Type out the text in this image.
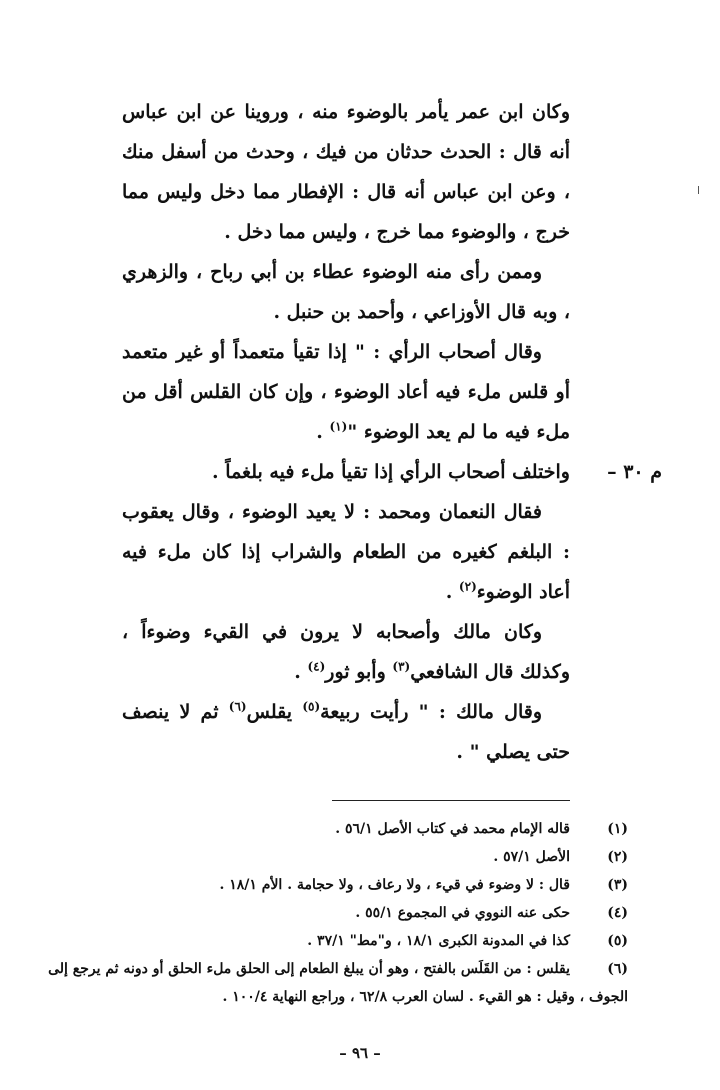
وكان ابن عمر يأمر بالوضوء منه ، وروينا عن ابن عباس أنه قال : الحدث حدثان من فيك ، وحدث من أسفل منك ، وعن ابن عباس أنه قال : الإفطار مما دخل وليس مما خرج ، والوضوء مما خرج ، وليس مما دخل .

وممن رأى منه الوضوء عطاء بن أبي رباح ، والزهري ، وبه قال الأوزاعي ، وأحمد بن حنبل .

وقال أصحاب الرأي : " إذا تقيأ متعمداً أو غير متعمد أو قلس ملء فيه أعاد الوضوء ، وإن كان القلس أقل من ملء فيه ما لم يعد الوضوء "$^{(١)}$ .

م ٣٠ –
واختلف أصحاب الرأي إذا تقيأ ملء فيه بلغماً .

فقال النعمان ومحمد : لا يعيد الوضوء ، وقال يعقوب : البلغم كغيره من الطعام والشراب إذا كان ملء فيه أعاد الوضوء$^{(٢)}$ .

وكان مالك وأصحابه لا يرون في القيء وضوءاً ، وكذلك قال الشافعي$^{(٣)}$ وأبو ثور$^{(٤)}$ .

وقال مالك : " رأيت ربيعة$^{(٥)}$ يقلس$^{(٦)}$ ثم لا ينصف حتى يصلي " .

(١)
قاله الإمام محمد في كتاب الأصل ٥٦/١ .
(٢)
الأصل ٥٧/١ .
(٣)
قال : لا وضوء في قيء ، ولا رعاف ، ولا حجامة . الأم ١٨/١ .
(٤)
حكى عنه النووي في المجموع ٥٥/١ .
(٥)
كذا في المدونة الكبرى ١٨/١ ، و"مط" ٣٧/١ .
(٦)
يقلس : من القَلَس بالفتح ، وهو أن يبلغ الطعام إلى الحلق ملء الحلق أو دونه ثم يرجع إلى
الجوف ، وقيل : هو القيء . لسان العرب ٦٢/٨ ، وراجع النهاية ١٠٠/٤ .
– ٩٦ –
